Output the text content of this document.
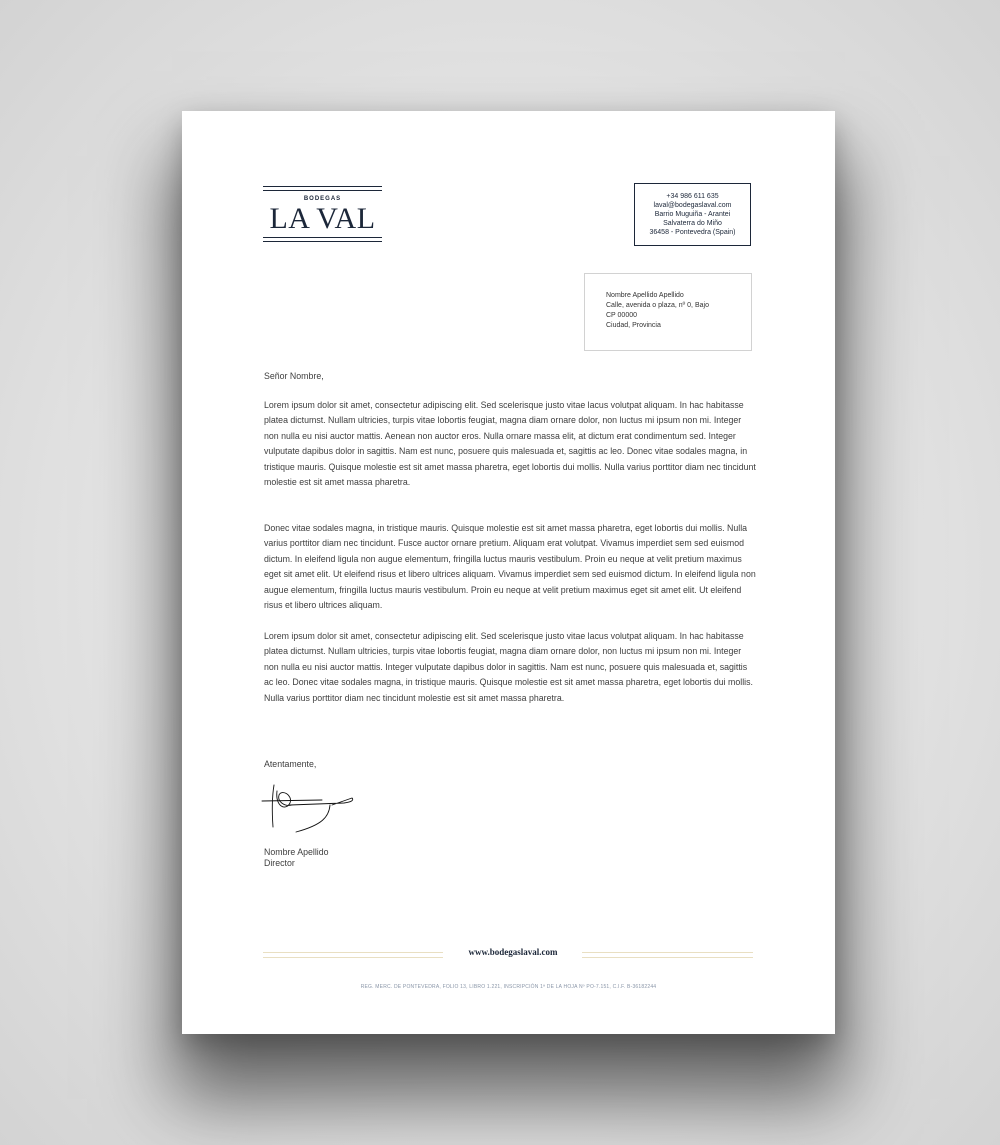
BODEGAS
LA VAL
+34 986 611 635
laval@bodegaslaval.com
Barrio Muguiña - Arantei
Salvaterra do Miño
36458 - Pontevedra (Spain)
Nombre Apellido Apellido
Calle, avenida o plaza, nº 0, Bajo
CP 00000
Ciudad, Provincia
Señor Nombre,

Lorem ipsum dolor sit amet, consectetur adipiscing elit. Sed scelerisque justo vitae lacus volutpat aliquam. In hac habitasse platea dictumst. Nullam ultricies, turpis vitae lobortis feugiat, magna diam ornare dolor, non luctus mi ipsum non mi. Integer non nulla eu nisi auctor mattis. Aenean non auctor eros. Nulla ornare massa elit, at dictum erat condimentum sed. Integer vulputate dapibus dolor in sagittis. Nam est nunc, posuere quis malesuada et, sagittis ac leo. Donec vitae sodales magna, in tristique mauris. Quisque molestie est sit amet massa pharetra, eget lobortis dui mollis. Nulla varius porttitor diam nec tincidunt molestie est sit amet massa pharetra.

Donec vitae sodales magna, in tristique mauris. Quisque molestie est sit amet massa pharetra, eget lobortis dui mollis. Nulla varius porttitor diam nec tincidunt. Fusce auctor ornare pretium. Aliquam erat volutpat. Vivamus imperdiet sem sed euismod dictum. In eleifend ligula non augue elementum, fringilla luctus mauris vestibulum. Proin eu neque at velit pretium maximus eget sit amet elit. Ut eleifend risus et libero ultrices aliquam. Vivamus imperdiet sem sed euismod dictum. In eleifend ligula non augue elementum, fringilla luctus mauris vestibulum. Proin eu neque at velit pretium maximus eget sit amet elit. Ut eleifend risus et libero ultrices aliquam.

Lorem ipsum dolor sit amet, consectetur adipiscing elit. Sed scelerisque justo vitae lacus volutpat aliquam. In hac habitasse platea dictumst. Nullam ultricies, turpis vitae lobortis feugiat, magna diam ornare dolor, non luctus mi ipsum non mi. Integer non nulla eu nisi auctor mattis. Integer vulputate dapibus dolor in sagittis. Nam est nunc, posuere quis malesuada et, sagittis ac leo. Donec vitae sodales magna, in tristique mauris. Quisque molestie est sit amet massa pharetra, eget lobortis dui mollis. Nulla varius porttitor diam nec tincidunt molestie est sit amet massa pharetra.

Atentamente,
Nombre Apellido
Director
www.bodegaslaval.com
REG. MERC. DE PONTEVEDRA, FOLIO 13, LIBRO 1.221, INSCRIPCIÓN 1ª DE LA HOJA Nº PO-7.151, C.I.F. B-36182244
